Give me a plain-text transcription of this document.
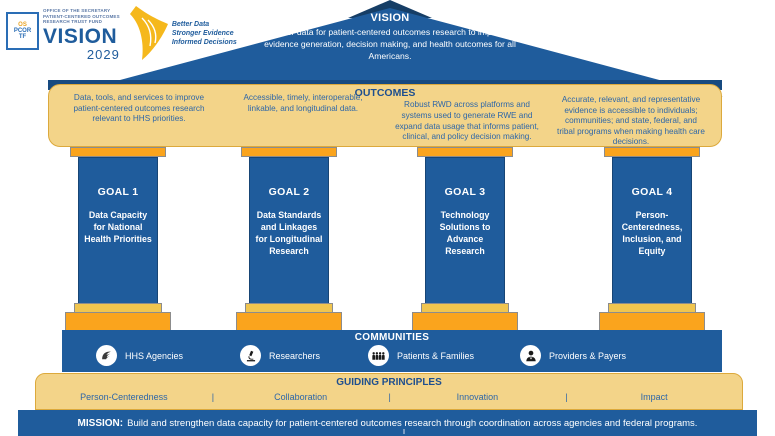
OS
PCOR
TF
OFFICE OF THE SECRETARY
PATIENT-CENTERED OUTCOMES
RESEARCH TRUST FUND
VISION
2029
Better Data
Stronger Evidence
Informed Decisions
VISION
Better data for patient-centered outcomes research to improve evidence generation, decision making, and health outcomes for all Americans.
OUTCOMES
Data, tools, and services to improve patient-centered outcomes research relevant to HHS priorities.
Accessible, timely, interoperable, linkable, and longitudinal data.	Robust RWD across platforms and systems used to generate RWE and expand data usage that informs patient, clinical, and policy decision making.
Accurate, relevant, and representative evidence is accessible to individuals; communities; and state, federal, and tribal programs when making health care decisions.
GOAL 1
Data Capacity for National Health Priorities
GOAL 2
Data Standards and Linkages for Longitudinal Research
GOAL 3
Technology Solutions to Advance Research
GOAL 4
Person-Centeredness, Inclusion, and Equity
COMMUNITIES
HHS Agencies	Researchers	Patients & Families	Providers & Payers
GUIDING PRINCIPLES
Person-Centeredness	|	Collaboration	|	Innovation	|	Impact
MISSION: Build and strengthen data capacity for patient-centered outcomes research through coordination across agencies and federal programs.
